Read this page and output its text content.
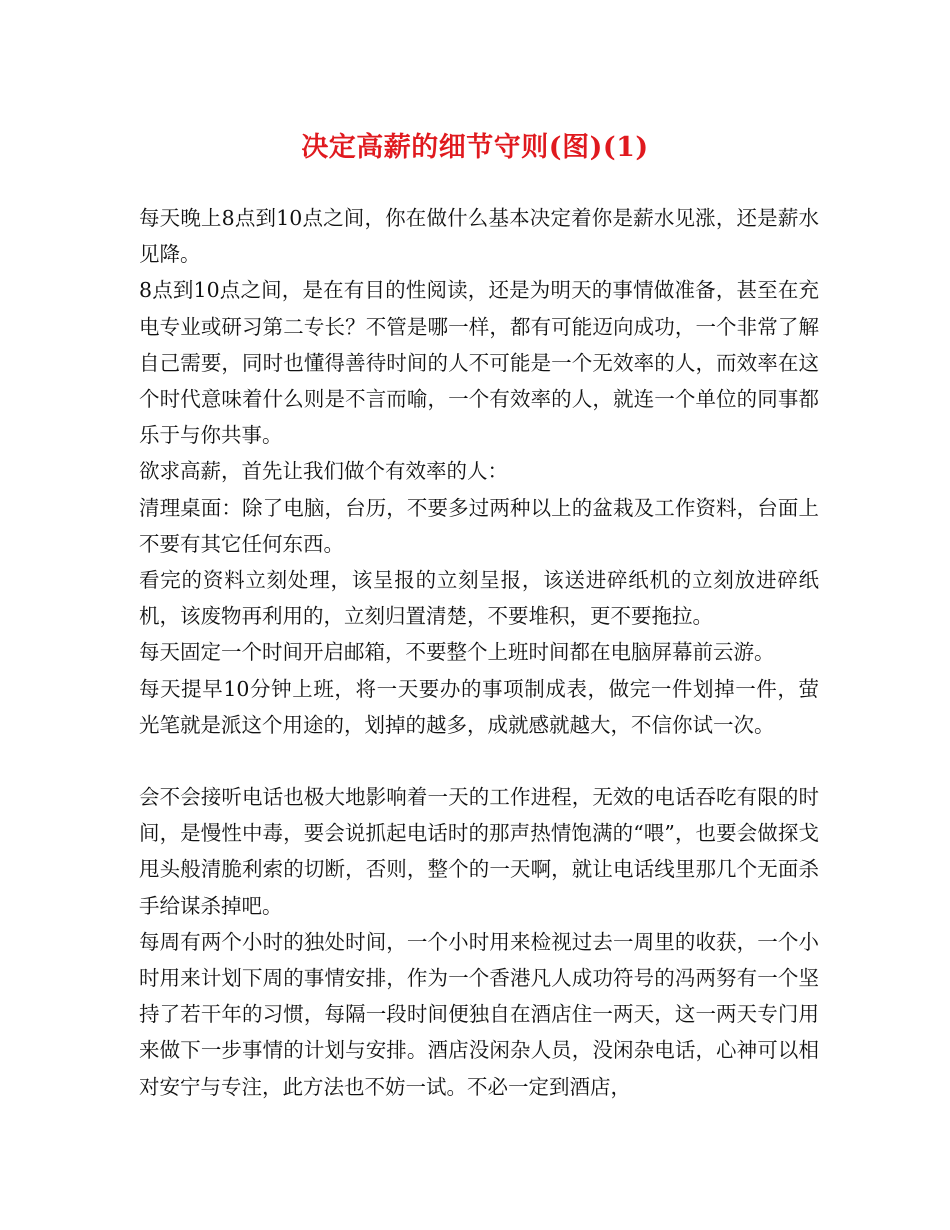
决定高薪的细节守则(图)(1)

每天晚上8点到10点之间，你在做什么基本决定着你是薪水见涨，还是薪水见降。

8点到10点之间，是在有目的性阅读，还是为明天的事情做准备，甚至在充电专业或研习第二专长？不管是哪一样，都有可能迈向成功，一个非常了解自己需要，同时也懂得善待时间的人不可能是一个无效率的人，而效率在这个时代意味着什么则是不言而喻，一个有效率的人，就连一个单位的同事都乐于与你共事。

欲求高薪，首先让我们做个有效率的人：

清理桌面：除了电脑，台历，不要多过两种以上的盆栽及工作资料，台面上不要有其它任何东西。

看完的资料立刻处理，该呈报的立刻呈报，该送进碎纸机的立刻放进碎纸机，该废物再利用的，立刻归置清楚，不要堆积，更不要拖拉。

每天固定一个时间开启邮箱，不要整个上班时间都在电脑屏幕前云游。

每天提早10分钟上班，将一天要办的事项制成表，做完一件划掉一件，萤光笔就是派这个用途的，划掉的越多，成就感就越大，不信你试一次。

会不会接听电话也极大地影响着一天的工作进程，无效的电话吞吃有限的时间，是慢性中毒，要会说抓起电话时的那声热情饱满的“喂”，也要会做探戈甩头般清脆利索的切断，否则，整个的一天啊，就让电话线里那几个无面杀手给谋杀掉吧。

每周有两个小时的独处时间，一个小时用来检视过去一周里的收获，一个小时用来计划下周的事情安排，作为一个香港凡人成功符号的冯两努有一个坚持了若干年的习惯，每隔一段时间便独自在酒店住一两天，这一两天专门用来做下一步事情的计划与安排。酒店没闲杂人员，没闲杂电话，心神可以相对安宁与专注，此方法也不妨一试。不必一定到酒店，
